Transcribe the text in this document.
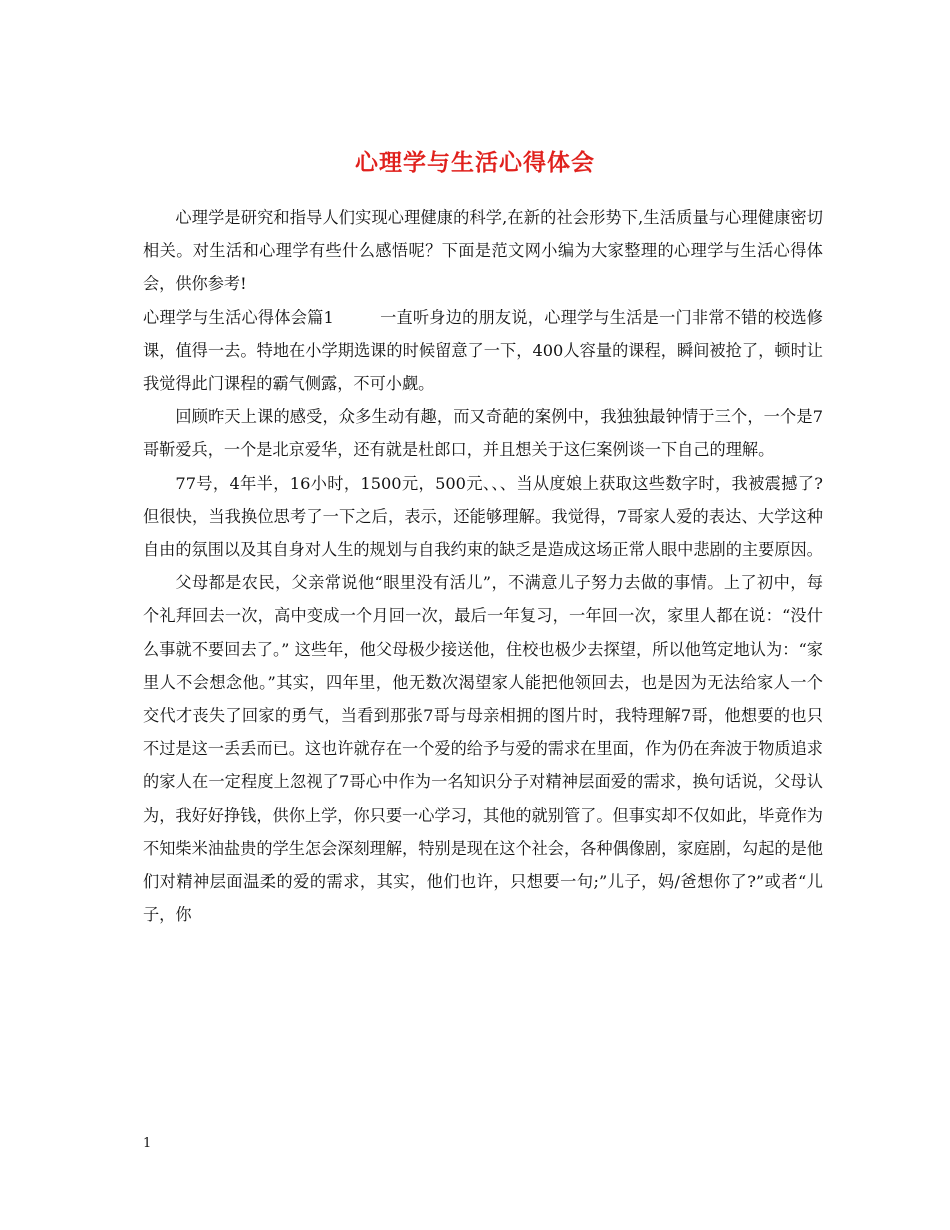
心理学与生活心得体会

心理学是研究和指导人们实现心理健康的科学,在新的社会形势下,生活质量与心理健康密切相关。对生活和心理学有些什么感悟呢？下面是范文网小编为大家整理的心理学与生活心得体会，供你参考!

心理学与生活心得体会篇1	一直听身边的朋友说，心理学与生活是一门非常不错的校选修课，值得一去。特地在小学期选课的时候留意了一下，400人容量的课程，瞬间被抢了，顿时让我觉得此门课程的霸气侧露，不可小觑。

回顾昨天上课的感受，众多生动有趣，而又奇葩的案例中，我独独最钟情于三个，一个是7哥靳爱兵，一个是北京爱华，还有就是杜郎口，并且想关于这仨案例谈一下自己的理解。

77号，4年半，16小时，1500元，500元、、、当从度娘上获取这些数字时，我被震撼了?但很快，当我换位思考了一下之后，表示，还能够理解。我觉得，7哥家人爱的表达、大学这种自由的氛围以及其自身对人生的规划与自我约束的缺乏是造成这场正常人眼中悲剧的主要原因。

父母都是农民，父亲常说他“眼里没有活儿”，不满意儿子努力去做的事情。上了初中，每个礼拜回去一次，高中变成一个月回一次，最后一年复习，一年回一次，家里人都在说：“没什么事就不要回去了。” 这些年，他父母极少接送他，住校也极少去探望，所以他笃定地认为：“家里人不会想念他。”其实，四年里，他无数次渴望家人能把他领回去，也是因为无法给家人一个交代才丧失了回家的勇气，当看到那张7哥与母亲相拥的图片时，我特理解7哥，他想要的也只不过是这一丢丢而已。这也许就存在一个爱的给予与爱的需求在里面，作为仍在奔波于物质追求的家人在一定程度上忽视了7哥心中作为一名知识分子对精神层面爱的需求，换句话说，父母认为，我好好挣钱，供你上学，你只要一心学习，其他的就别管了。但事实却不仅如此，毕竟作为不知柴米油盐贵的学生怎会深刻理解，特别是现在这个社会，各种偶像剧，家庭剧，勾起的是他们对精神层面温柔的爱的需求，其实，他们也许，只想要一句;”儿子，妈/爸想你了?”或者“儿子，你

1
